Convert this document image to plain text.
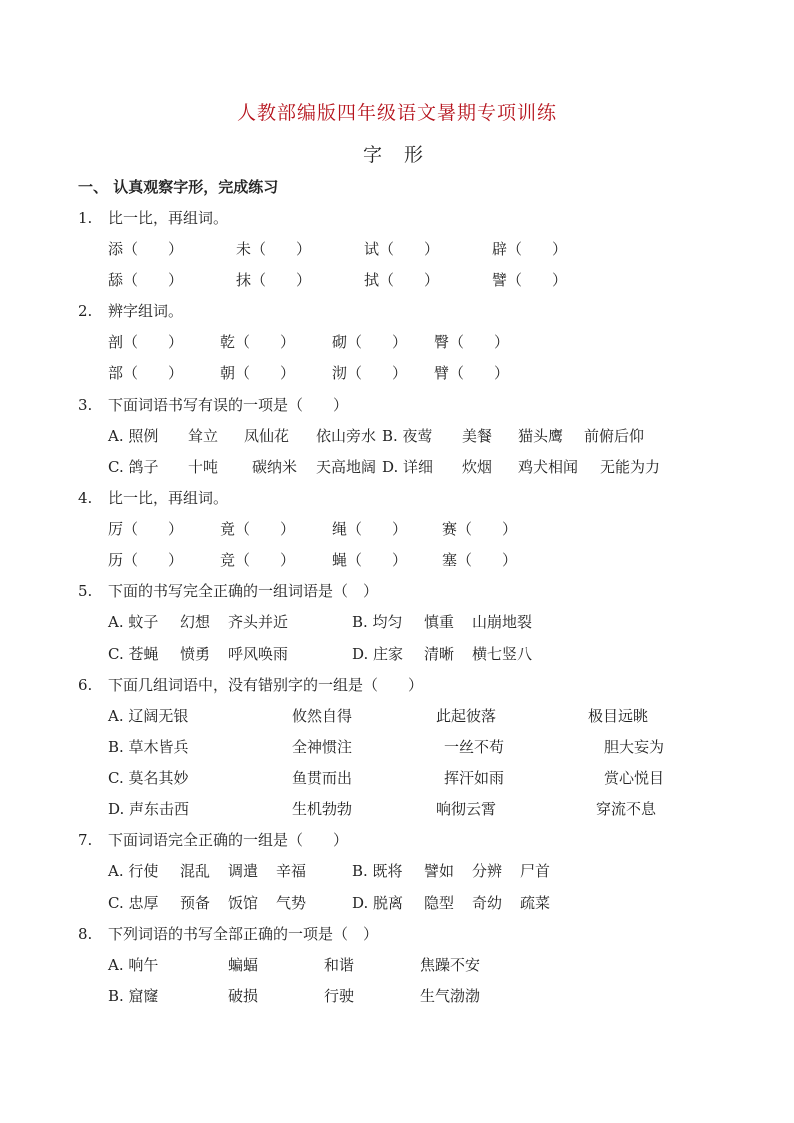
人教部编版四年级语文暑期专项训练
字 形
一、 认真观察字形，完成练习
1. 比一比，再组词。
添（　　）	未（　　）	试（　　）	辟（　　）
舔（　　）	抹（　　）	拭（　　）	譬（　　）
2. 辨字组词。
剖（　　） 乾（　　） 砌（　　） 臀（　　）
部（　　） 朝（　　） 沏（　　） 臂（　　）
3. 下面词语书写有误的一项是（　　）
A. 照例 耸立 凤仙花 依山旁水 B. 夜莺 美餐 猫头鹰 前俯后仰
C. 鸽子 十吨 碳纳米 天高地阔 D. 详细 炊烟 鸡犬相闻 无能为力
4. 比一比，再组词。
厉（　　） 竟（　　） 绳（　　） 赛（　　）
历（　　） 竞（　　） 蝇（　　） 塞（　　）
5. 下面的书写完全正确的一组词语是（　）
A. 蚊子 幻想 齐头并近	B. 均匀 慎重 山崩地裂
C. 苍蝇 愤勇 呼风唤雨	D. 庄家 清晰 横七竖八
6. 下面几组词语中，没有错别字的一组是（　　）
A. 辽阔无银	攸然自得	此起彼落	极目远眺
B. 草木皆兵	全神惯注	一丝不苟	胆大妄为
C. 莫名其妙	鱼贯而出	挥汗如雨	赏心悦目
D. 声东击西	生机勃勃	响彻云霄	穿流不息
7. 下面词语完全正确的一组是（　　）
A. 行使 混乱 调遣 辛福	B. 既将 譬如 分辨 尸首
C. 忠厚 预备 饭馆 气势	D. 脱离 隐型 奇幼 疏菜
8. 下列词语的书写全部正确的一项是（　）
A. 响午	蝙蝠	和谐	焦躁不安
B. 窟窿	破损	行驶	生气渤渤
